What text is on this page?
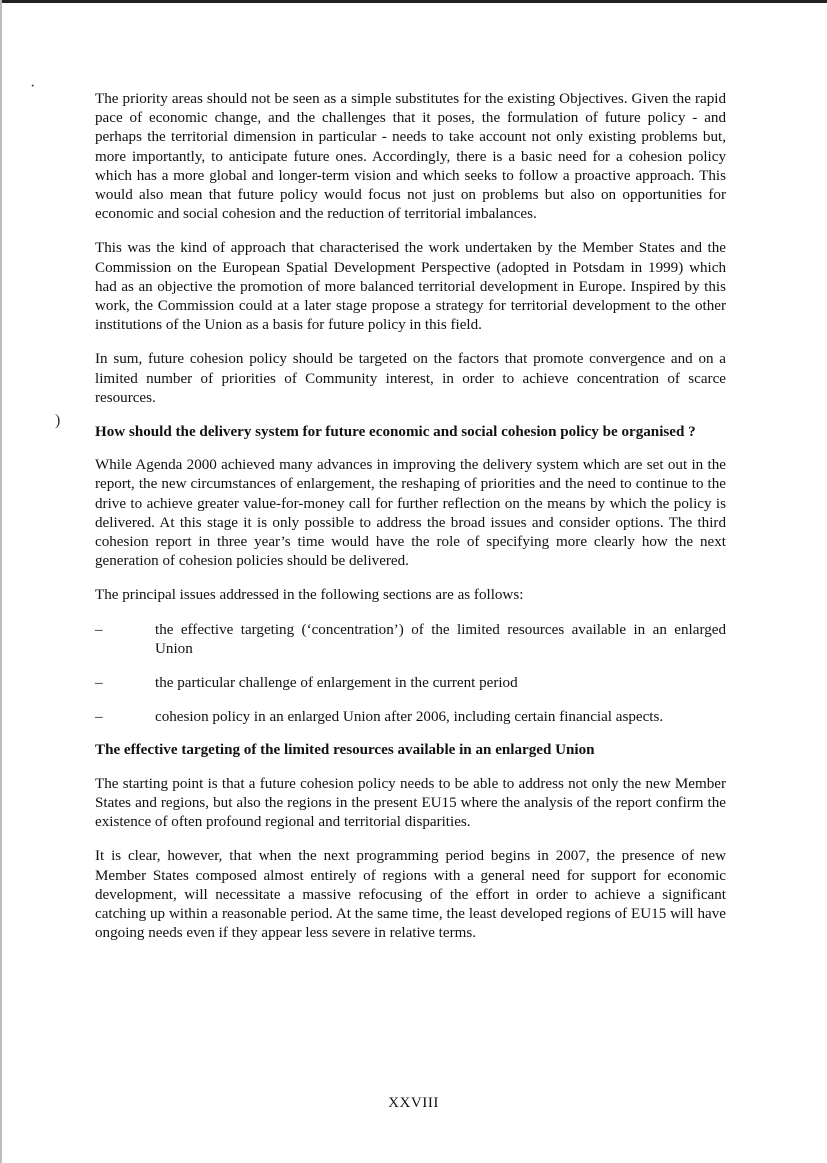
·
)

The priority areas should not be seen as a simple substitutes for the existing Objectives. Given the rapid pace of economic change, and the challenges that it poses, the formulation of future policy - and perhaps the territorial dimension in particular - needs to take account not only existing problems but, more importantly, to anticipate future ones. Accordingly, there is a basic need for a cohesion policy which has a more global and longer-term vision and which seeks to follow a proactive approach. This would also mean that future policy would focus not just on problems but also on opportunities for economic and social cohesion and the reduction of territorial imbalances.

This was the kind of approach that characterised the work undertaken by the Member States and the Commission on the European Spatial Development Perspective (adopted in Potsdam in 1999) which had as an objective the promotion of more balanced territorial development in Europe. Inspired by this work, the Commission could at a later stage propose a strategy for territorial development to the other institutions of the Union as a basis for future policy in this field.

In sum, future cohesion policy should be targeted on the factors that promote convergence and on a limited number of priorities of Community interest, in order to achieve concentration of scarce resources.

How should the delivery system for future economic and social cohesion policy be organised ?

While Agenda 2000 achieved many advances in improving the delivery system which are set out in the report, the new circumstances of enlargement, the reshaping of priorities and the need to continue to the drive to achieve greater value-for-money call for further reflection on the means by which the policy is delivered. At this stage it is only possible to address the broad issues and consider options. The third cohesion report in three year’s time would have the role of specifying more clearly how the next generation of cohesion policies should be delivered.

The principal issues addressed in the following sections are as follows:

–	the effective targeting (‘concentration’) of the limited resources available in an enlarged Union
–	the particular challenge of enlargement in the current period
–	cohesion policy in an enlarged Union after 2006, including certain financial aspects.
The effective targeting of the limited resources available in an enlarged Union

The starting point is that a future cohesion policy needs to be able to address not only the new Member States and regions, but also the regions in the present EU15 where the analysis of the report confirm the existence of often profound regional and territorial disparities.

It is clear, however, that when the next programming period begins in 2007, the presence of new Member States composed almost entirely of regions with a general need for support for economic development, will necessitate a massive refocusing of the effort in order to achieve a significant catching up within a reasonable period. At the same time, the least developed regions of EU15 will have ongoing needs even if they appear less severe in relative terms.

XXVIII
